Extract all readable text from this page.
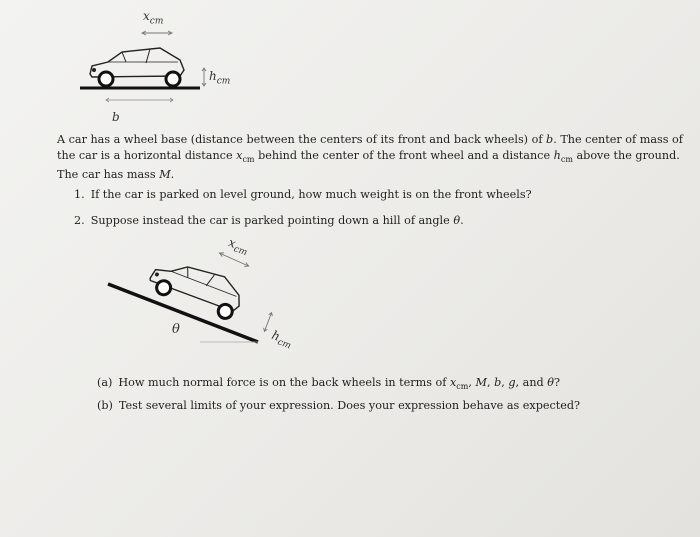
$x_{cm}$
$h_{cm}$
b
A car has a wheel base (distance between the centers of its front and back wheels) of b. The center of mass of the car is a horizontal distance $x_{cm}$ behind the center of the front wheel and a distance $h_{cm}$ above the ground. The car has mass M.
1. If the car is parked on level ground, how much weight is on the front wheels?
2. Suppose instead the car is parked pointing down a hill of angle θ.
$x_{cm}$
$h_{cm}$
θ
(a) How much normal force is on the back wheels in terms of $x_{cm}$, M, b, g, and θ?
(b) Test several limits of your expression. Does your expression behave as expected?
